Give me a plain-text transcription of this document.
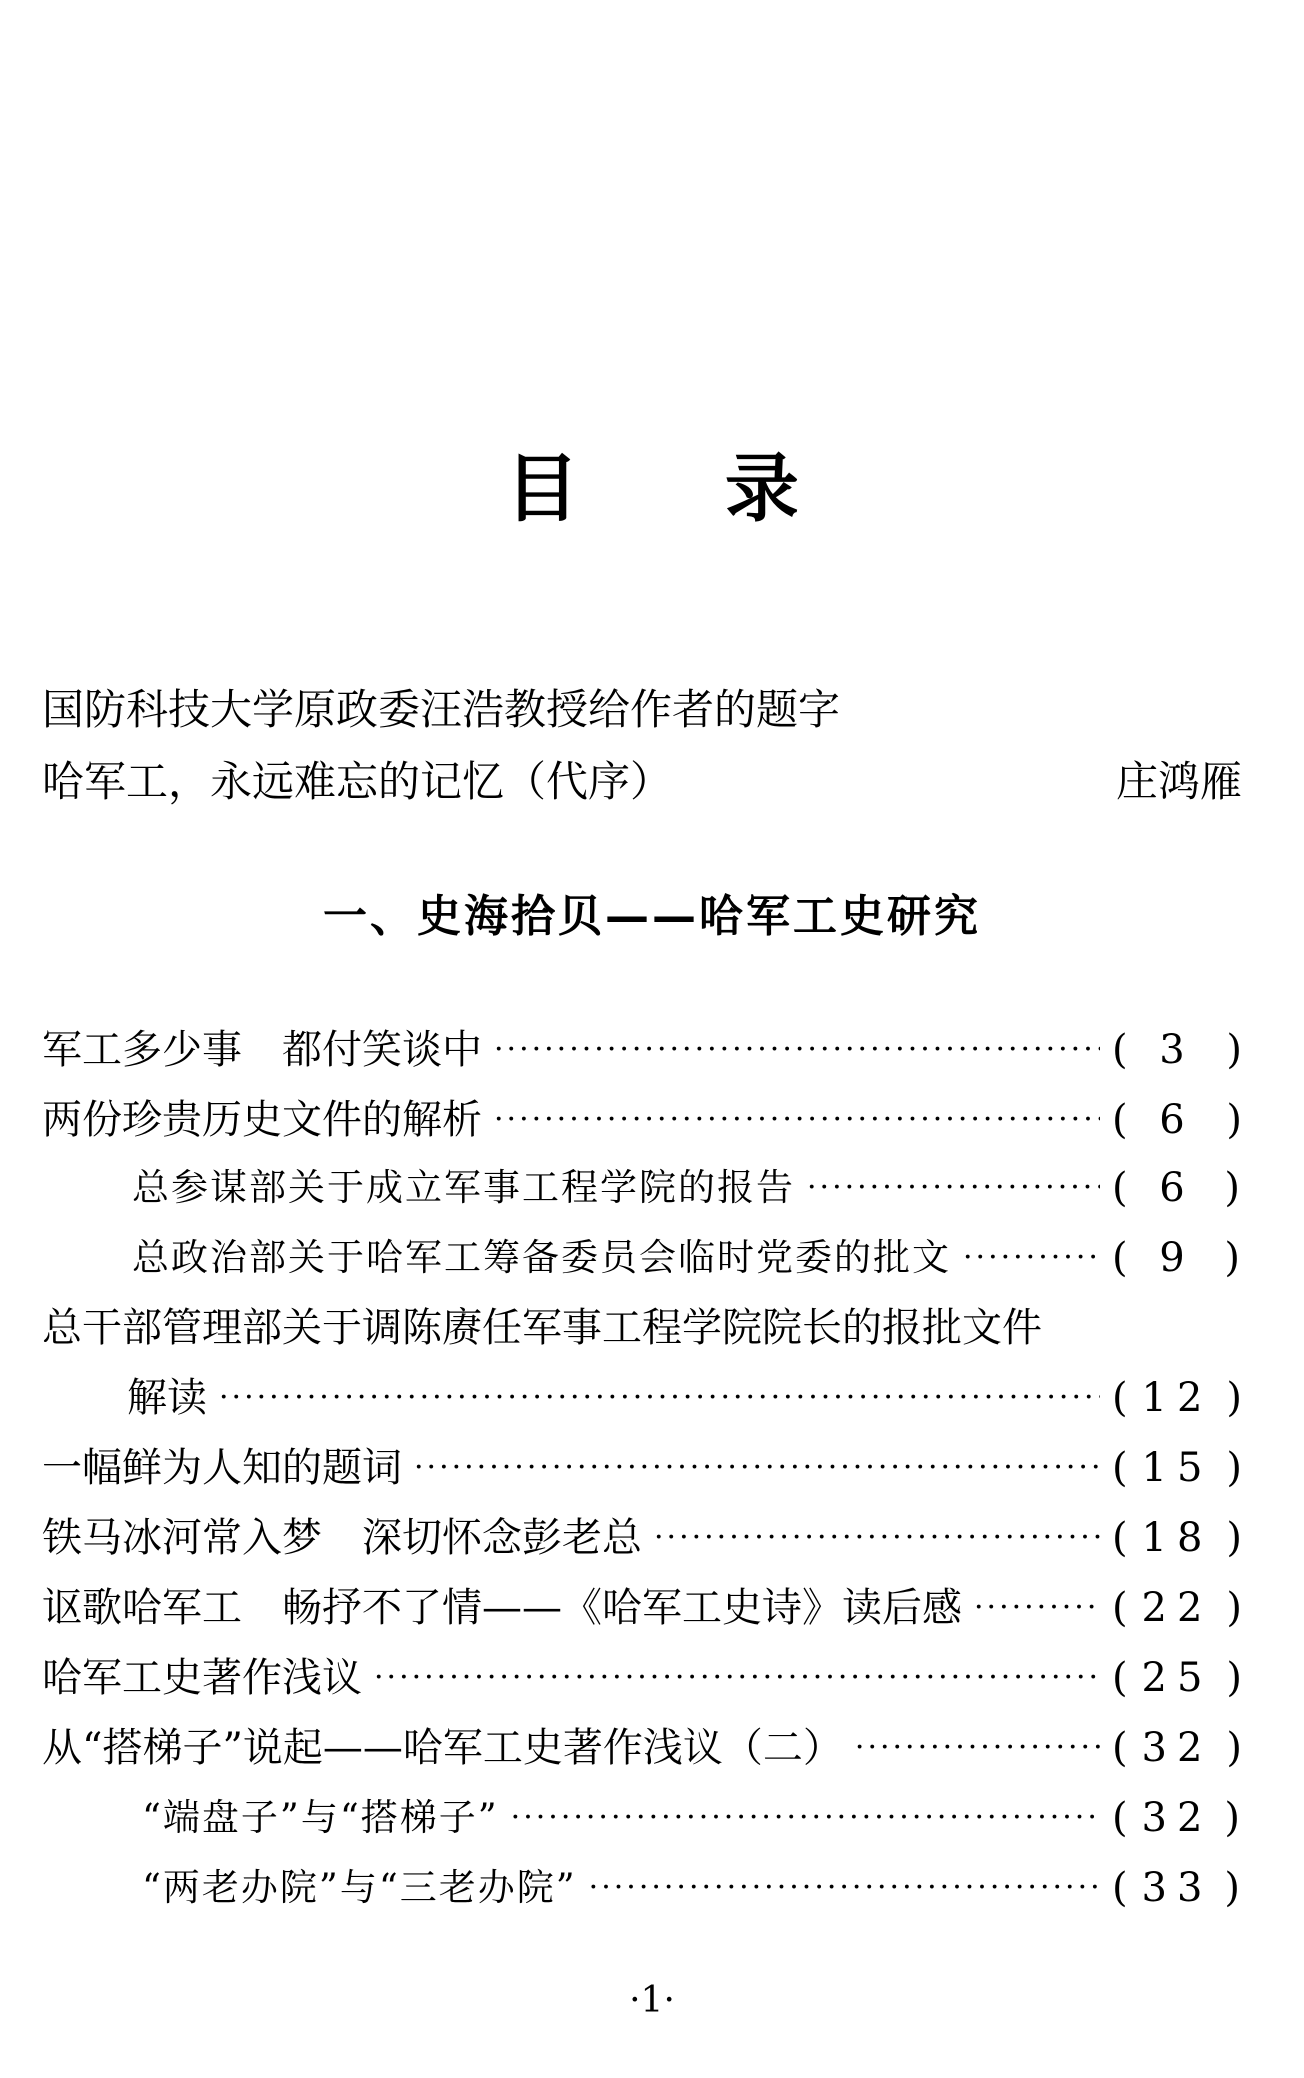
目 录
国防科技大学原政委汪浩教授给作者的题字
哈军工，永远难忘的记忆（代序）	庄鸿雁
一、史海拾贝——哈军工史研究
军工多少事　都付笑谈中 ·····	( 3 )
两份珍贵历史文件的解析 ·····	( 6 )
总参谋部关于成立军事工程学院的报告 ·····	( 6 )
总政治部关于哈军工筹备委员会临时党委的批文 ·····	( 9 )
总干部管理部关于调陈赓任军事工程学院院长的报批文件
解读 ·····	( 12 )
一幅鲜为人知的题词 ·····	( 15 )
铁马冰河常入梦　深切怀念彭老总 ·····	( 18 )
讴歌哈军工　畅抒不了情——《哈军工史诗》读后感 ·····	( 22 )
哈军工史著作浅议 ·····	( 25 )
从“搭梯子”说起——哈军工史著作浅议（二） ·····	( 32 )
“端盘子”与“搭梯子” ·····	( 32 )
“两老办院”与“三老办院” ·····	( 33 )
·1·
